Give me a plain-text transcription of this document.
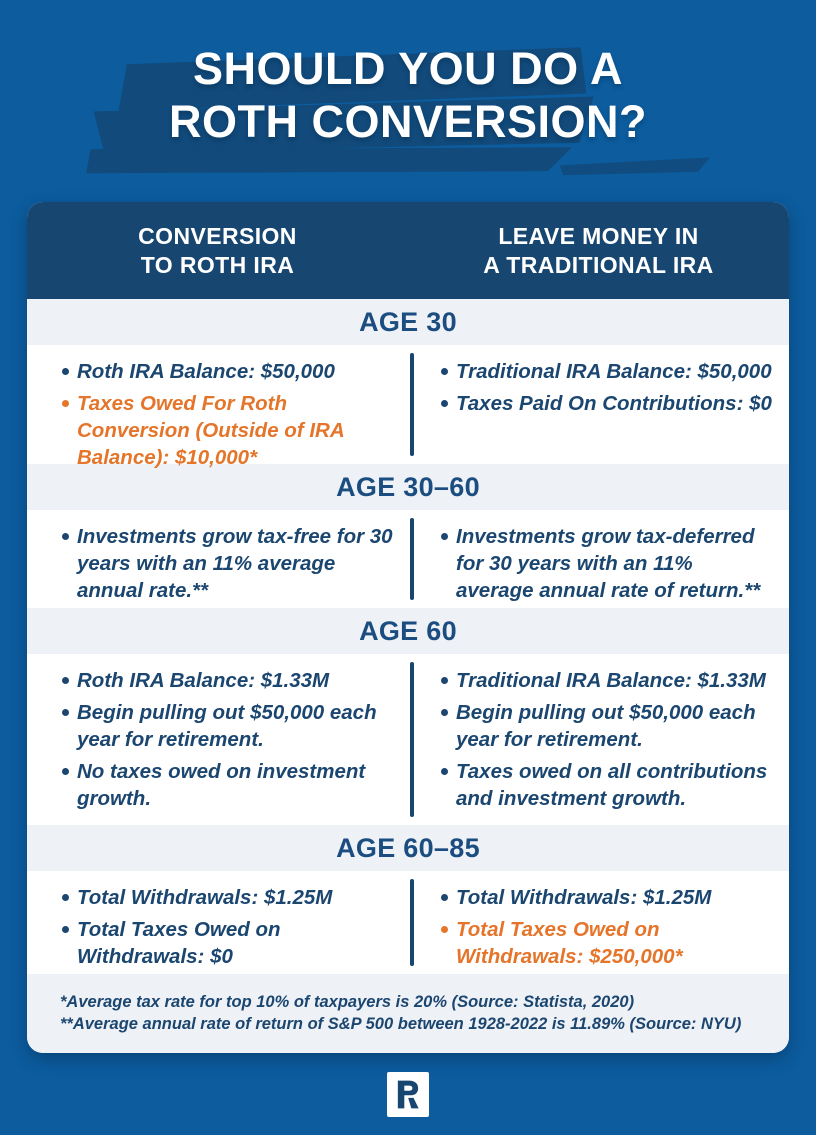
SHOULD YOU DO A
ROTH CONVERSION?
CONVERSION
TO ROTH IRA
LEAVE MONEY IN
A TRADITIONAL IRA
AGE 30
Roth IRA Balance: $50,000
Taxes Owed For Roth Conversion (Outside of IRA Balance): $10,000*
Traditional IRA Balance: $50,000
Taxes Paid On Contributions: $0
AGE 30–60
Investments grow tax-free for 30 years with an 11% average annual rate.**
Investments grow tax-deferred for 30 years with an 11% average annual rate of return.**
AGE 60
Roth IRA Balance: $1.33M
Begin pulling out $50,000 each year for retirement.
No taxes owed on investment growth.
Traditional IRA Balance: $1.33M
Begin pulling out $50,000 each year for retirement.
Taxes owed on all contributions and investment growth.
AGE 60–85
Total Withdrawals: $1.25M
Total Taxes Owed on Withdrawals: $0
Total Withdrawals: $1.25M
Total Taxes Owed on Withdrawals: $250,000*

*Average tax rate for top 10% of taxpayers is 20% (Source: Statista, 2020)

**Average annual rate of return of S&P 500 between 1928-2022 is 11.89% (Source: NYU)
